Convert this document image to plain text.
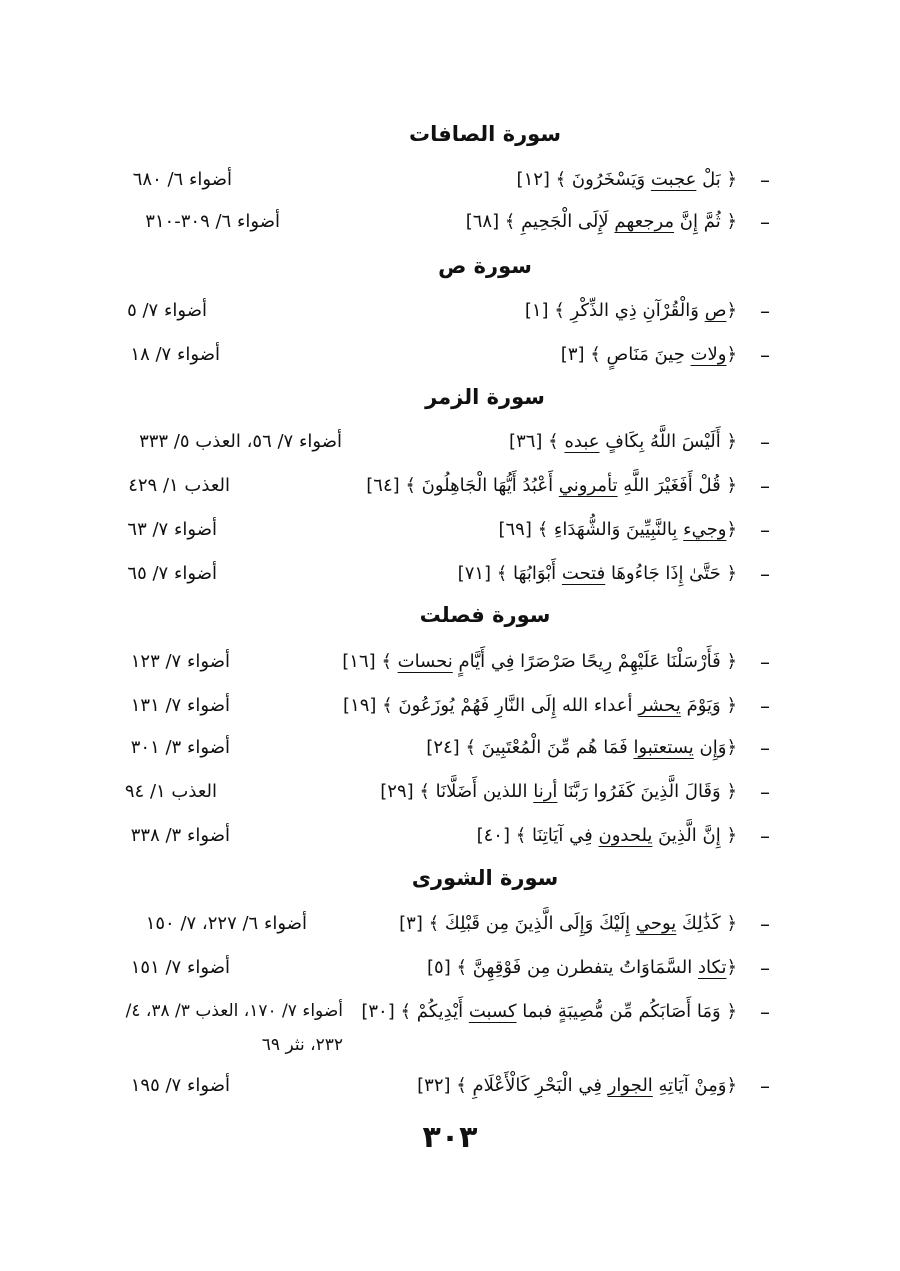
سورة الصافات
–
﴿ بَلْ عجبت وَيَسْخَرُونَ ﴾ [١٢]
أضواء ٦/ ٦٨٠
–
﴿ ثُمَّ إِنَّ مرجعهم لَإِلَى الْجَحِيمِ ﴾ [٦٨]
أضواء ٦/ ٣٠٩-٣١٠
سورة ص
–
﴿ص وَالْقُرْآنِ ذِي الذِّكْرِ ﴾ [١]
أضواء ٧/ ٥
–
﴿ولات حِينَ مَنَاصٍ ﴾ [٣]
أضواء ٧/ ١٨
سورة الزمر
–
﴿ أَلَيْسَ اللَّهُ بِكَافٍ عبده ﴾ [٣٦]
أضواء ٧/ ٥٦، العذب ٥/ ٣٣٣
–
﴿ قُلْ أَفَغَيْرَ اللَّهِ تأمروني أَعْبُدُ أَيُّهَا الْجَاهِلُونَ ﴾ [٦٤]
العذب ١/ ٤٢٩
–
﴿وجيء بِالنَّبِيِّينَ وَالشُّهَدَاءِ ﴾ [٦٩]
أضواء ٧/ ٦٣
–
﴿ حَتَّىٰ إِذَا جَاءُوهَا فتحت أَبْوَابُهَا ﴾ [٧١]
أضواء ٧/ ٦٥
سورة فصلت
–
﴿ فَأَرْسَلْنَا عَلَيْهِمْ رِيحًا صَرْصَرًا فِي أَيَّامٍ نحسات ﴾ [١٦]
أضواء ٧/ ١٢٣
–
﴿ وَيَوْمَ يحشر أعداء الله إِلَى النَّارِ فَهُمْ يُوزَعُونَ ﴾ [١٩]
أضواء ٧/ ١٣١
–
﴿وَإِن يستعتبوا فَمَا هُم مِّنَ الْمُعْتَبِينَ ﴾ [٢٤]
أضواء ٣/ ٣٠١
–
﴿ وَقَالَ الَّذِينَ كَفَرُوا رَبَّنَا أرنا اللذين أَضَلَّانَا ﴾ [٢٩]
العذب ١/ ٩٤
–
﴿ إِنَّ الَّذِينَ يلحدون فِي آيَاتِنَا ﴾ [٤٠]
أضواء ٣/ ٣٣٨
سورة الشورى
–
﴿ كَذَٰلِكَ يوحي إِلَيْكَ وَإِلَى الَّذِينَ مِن قَبْلِكَ ﴾ [٣]
أضواء ٦/ ٢٢٧، ٧/ ١٥٠
–
﴿تكاد السَّمَاوَاتُ يتفطرن مِن فَوْقِهِنَّ ﴾ [٥]
أضواء ٧/ ١٥١
–
﴿ وَمَا أَصَابَكُم مِّن مُّصِيبَةٍ فبما كسبت أَيْدِيكُمْ ﴾ [٣٠]
أضواء ٧/ ١٧٠، العذب ٣/ ٣٨، ٤/ ٢٣٢، نثر ٦٩
–
﴿وَمِنْ آيَاتِهِ الجوار فِي الْبَحْرِ كَالْأَعْلَامِ ﴾ [٣٢]
أضواء ٧/ ١٩٥
٣٠٣
